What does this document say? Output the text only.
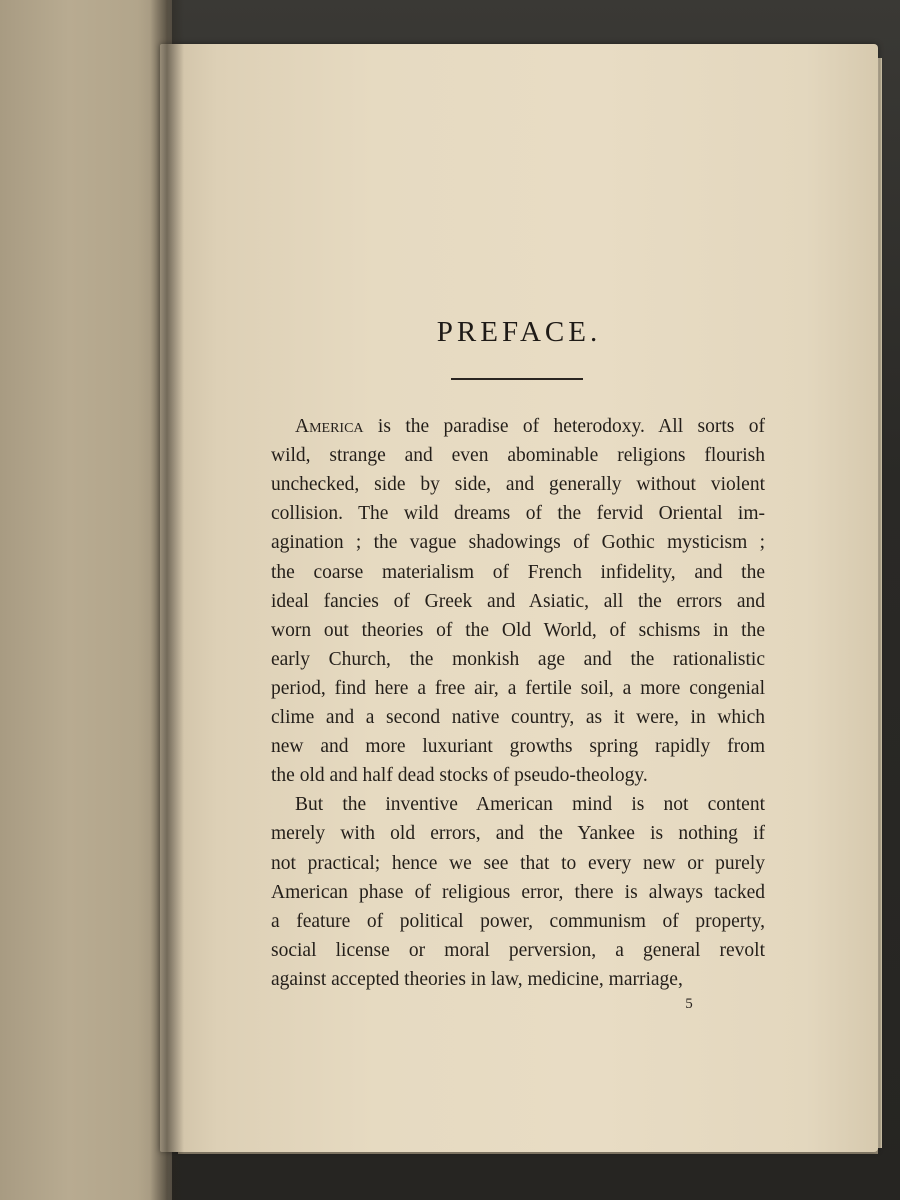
PREFACE.
America is the paradise of heterodoxy. All sorts of
wild, strange and even abominable religions flourish
unchecked, side by side, and generally without violent
collision. The wild dreams of the fervid Oriental im-
agination ; the vague shadowings of Gothic mysticism ;
the coarse materialism of French infidelity, and the
ideal fancies of Greek and Asiatic, all the errors and
worn out theories of the Old World, of schisms in the
early Church, the monkish age and the rationalistic
period, find here a free air, a fertile soil, a more congenial
clime and a second native country, as it were, in which
new and more luxuriant growths spring rapidly from
the old and half dead stocks of pseudo-theology.
But the inventive American mind is not content
merely with old errors, and the Yankee is nothing if
not practical; hence we see that to every new or purely
American phase of religious error, there is always tacked
a feature of political power, communism of property,
social license or moral perversion, a general revolt
against accepted theories in law, medicine, marriage,
5
